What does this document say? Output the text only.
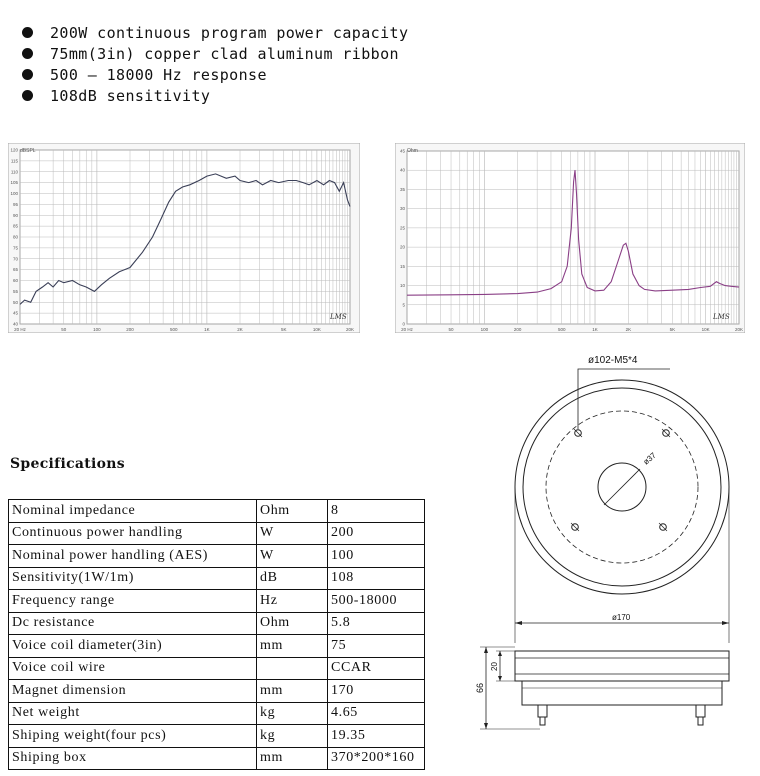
200W continuous program power capacity
75mm(3in) copper clad aluminum ribbon
500 – 18000 Hz response
108dB sensitivity
dBSPL
120
115
110
105
100
95
90
85
80
75
70
65
60
55
50
45
40
20 Hz	50	100	200	500	1K	2K	5K	10K	20K
LMS
Ohm
45
40
35
30
25
20
15
10
5
0
20 Hz	50	100	200	500	1K	2K	5K	10K	20K
LMS
Specifications
Nominal impedance	Ohm	8
Continuous power handling	W	200
Nominal power handling (AES)	W	100
Sensitivity(1W/1m)	dB	108
Frequency range	Hz	500-18000
Dc resistance	Ohm	5.8
Voice coil diameter(3in)	mm	75
Voice coil wire		CCAR
Magnet dimension	mm	170
Net weight	kg	4.65
Shiping weight(four pcs)	kg	19.35
Shiping box	mm	370*200*160
ø102-M5*4
ø37
ø170
20
66
